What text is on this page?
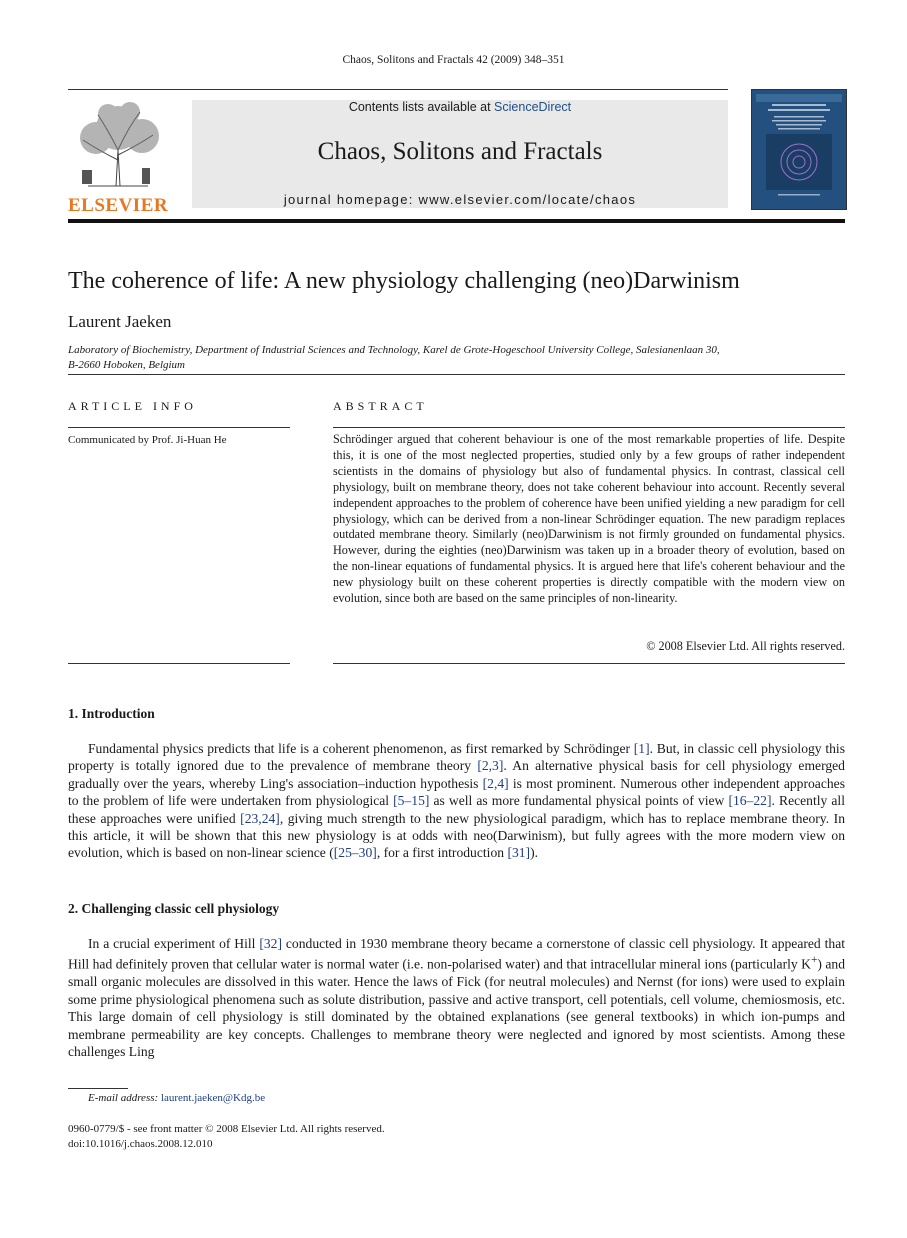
Chaos, Solitons and Fractals 42 (2009) 348–351
ELSEVIER
Contents lists available at ScienceDirect
Chaos, Solitons and Fractals
journal homepage: www.elsevier.com/locate/chaos
The coherence of life: A new physiology challenging (neo)Darwinism
Laurent Jaeken
Laboratory of Biochemistry, Department of Industrial Sciences and Technology, Karel de Grote-Hogeschool University College, Salesianenlaan 30,
B-2660 Hoboken, Belgium
ARTICLE INFO
Communicated by Prof. Ji-Huan He
ABSTRACT
Schrödinger argued that coherent behaviour is one of the most remarkable properties of life. Despite this, it is one of the most neglected properties, studied only by a few groups of rather independent scientists in the domains of physiology but also of fundamental physics. In contrast, classical cell physiology, built on membrane theory, does not take coherent behaviour into account. Recently several independent approaches to the problem of coherence have been unified yielding a new paradigm for cell physiology, which can be derived from a non-linear Schrödinger equation. The new paradigm replaces outdated membrane theory. Similarly (neo)Darwinism is not firmly grounded on fundamental physics. However, during the eighties (neo)Darwinism was taken up in a broader theory of evolution, based on the non-linear equations of fundamental physics. It is argued here that life's coherent behaviour and the new physiology built on these coherent properties is directly compatible with the modern view on evolution, since both are based on the same principles of non-linearity.
© 2008 Elsevier Ltd. All rights reserved.
1. Introduction

Fundamental physics predicts that life is a coherent phenomenon, as first remarked by Schrödinger [1]. But, in classic cell physiology this property is totally ignored due to the prevalence of membrane theory [2,3]. An alternative physical basis for cell physiology emerged gradually over the years, whereby Ling's association–induction hypothesis [2,4] is most prominent. Numerous other independent approaches to the problem of life were undertaken from physiological [5–15] as well as more fundamental physical points of view [16–22]. Recently all these approaches were unified [23,24], giving much strength to the new physiological paradigm, which has to replace membrane theory. In this article, it will be shown that this new physiology is at odds with neo(Darwinism), but fully agrees with the more modern view on evolution, which is based on non-linear science ([25–30], for a first introduction [31]).

2. Challenging classic cell physiology

In a crucial experiment of Hill [32] conducted in 1930 membrane theory became a cornerstone of classic cell physiology. It appeared that Hill had definitely proven that cellular water is normal water (i.e. non-polarised water) and that intracellular mineral ions (particularly K+) and small organic molecules are dissolved in this water. Hence the laws of Fick (for neutral molecules) and Nernst (for ions) were used to explain some prime physiological phenomena such as solute distribution, passive and active transport, cell potentials, cell volume, chemiosmosis, etc. This large domain of cell physiology is still dominated by the obtained explanations (see general textbooks) in which ion-pumps and membrane permeability are key concepts. Challenges to membrane theory were neglected and ignored by most scientists. Among these challenges Ling

E-mail address: laurent.jaeken@Kdg.be
0960-0779/$ - see front matter © 2008 Elsevier Ltd. All rights reserved.
doi:10.1016/j.chaos.2008.12.010
